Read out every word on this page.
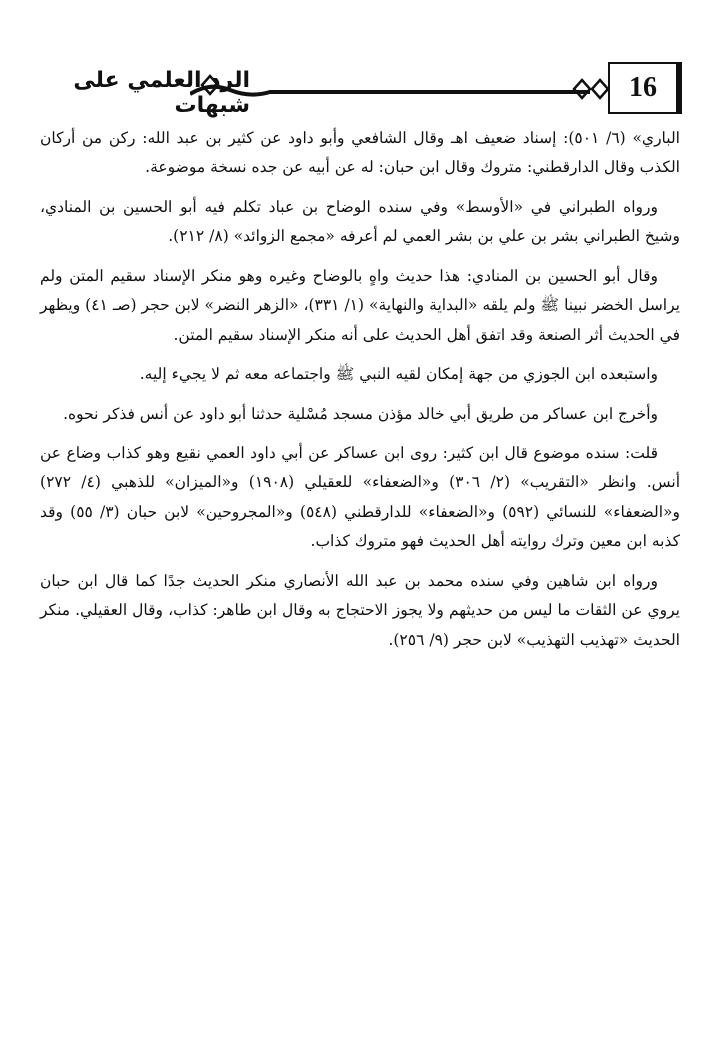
16
الرد العلمي على شبهات

الباري» (٦/ ٥٠١): إسناد ضعيف اهـ وقال الشافعي وأبو داود عن كثير بن عبد الله: ركن من أركان الكذب وقال الدارقطني: متروك وقال ابن حبان: له عن أبيه عن جده نسخة موضوعة.

ورواه الطبراني في «الأوسط» وفي سنده الوضاح بن عباد تكلم فيه أبو الحسين بن المنادي، وشيخ الطبراني بشر بن علي بن بشر العمي لم أعرفه «مجمع الزوائد» (٨/ ٢١٢).

وقال أبو الحسين بن المنادي: هذا حديث واهٍ بالوضاح وغيره وهو منكر الإسناد سقيم المتن ولم يراسل الخضر نبينا ﷺ ولم يلقه «البداية والنهاية» (١/ ٣٣١)، «الزهر النضر» لابن حجر (صـ ٤١) ويظهر في الحديث أثر الصنعة وقد اتفق أهل الحديث على أنه منكر الإسناد سقيم المتن.

واستبعده ابن الجوزي من جهة إمكان لقيه النبي ﷺ واجتماعه معه ثم لا يجيء إليه.

وأخرج ابن عساكر من طريق أبي خالد مؤذن مسجد مُسْلية حدثنا أبو داود عن أنس فذكر نحوه.

قلت: سنده موضوع قال ابن كثير: روى ابن عساكر عن أبي داود العمي نقيع وهو كذاب وضاع عن أنس. وانظر «التقريب» (٢/ ٣٠٦) و«الضعفاء» للعقيلي (١٩٠٨) و«الميزان» للذهبي (٤/ ٢٧٢) و«الضعفاء» للنسائي (٥٩٢) و«الضعفاء» للدارقطني (٥٤٨) و«المجروحين» لابن حبان (٣/ ٥٥) وقد كذبه ابن معين وترك روايته أهل الحديث فهو متروك كذاب.

ورواه ابن شاهين وفي سنده محمد بن عبد الله الأنصاري منكر الحديث جدًا كما قال ابن حبان يروي عن الثقات ما ليس من حديثهم ولا يجوز الاحتجاج به وقال ابن طاهر: كذاب، وقال العقيلي. منكر الحديث «تهذيب التهذيب» لابن حجر (٩/ ٢٥٦).
